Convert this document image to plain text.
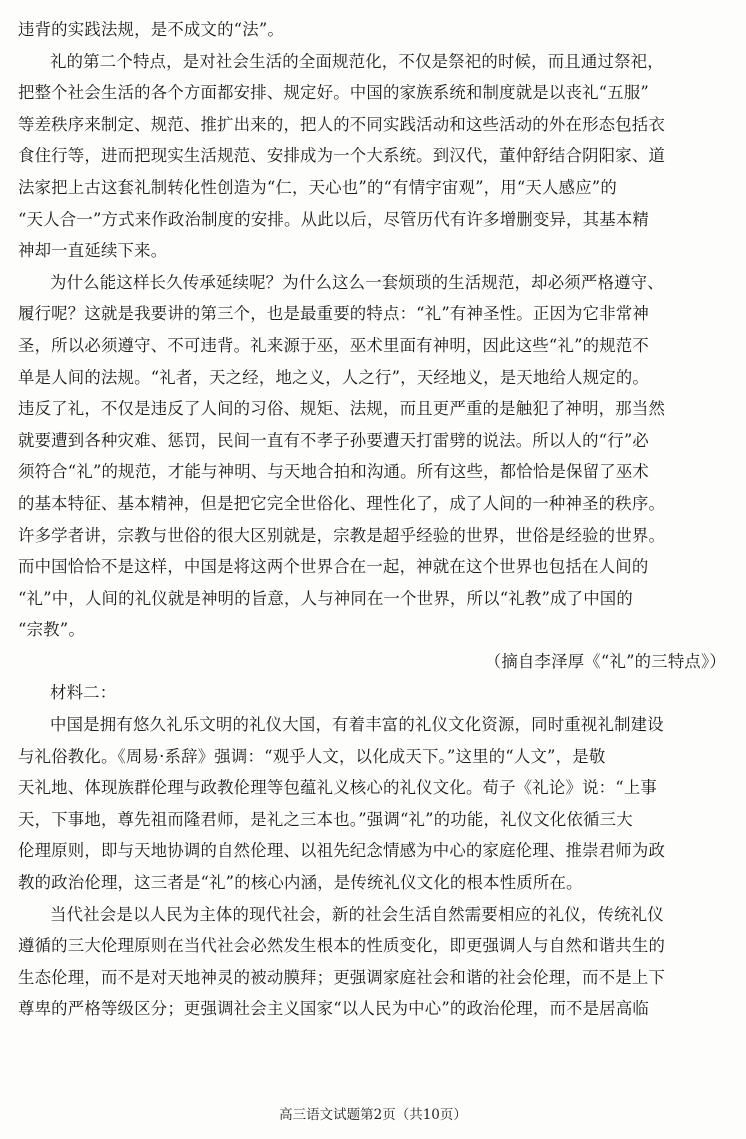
违背的实践法规，是不成文的“法”。
礼的第二个特点，是对社会生活的全面规范化，不仅是祭祀的时候，而且通过祭祀，
把整个社会生活的各个方面都安排、规定好。中国的家族系统和制度就是以丧礼“五服”
等差秩序来制定、规范、推扩出来的，把人的不同实践活动和这些活动的外在形态包括衣
食住行等，进而把现实生活规范、安排成为一个大系统。到汉代，董仲舒结合阴阳家、道
法家把上古这套礼制转化性创造为“仁，天心也”的“有情宇宙观”，用“天人感应”的
“天人合一”方式来作政治制度的安排。从此以后，尽管历代有许多增删变异，其基本精
神却一直延续下来。
为什么能这样长久传承延续呢？为什么这么一套烦琐的生活规范，却必须严格遵守、
履行呢？这就是我要讲的第三个，也是最重要的特点：“礼”有神圣性。正因为它非常神
圣，所以必须遵守、不可违背。礼来源于巫，巫术里面有神明，因此这些“礼”的规范不
单是人间的法规。“礼者，天之经，地之义，人之行”，天经地义，是天地给人规定的。
违反了礼，不仅是违反了人间的习俗、规矩、法规，而且更严重的是触犯了神明，那当然
就要遭到各种灾难、惩罚，民间一直有不孝子孙要遭天打雷劈的说法。所以人的“行”必
须符合“礼”的规范，才能与神明、与天地合拍和沟通。所有这些，都恰恰是保留了巫术
的基本特征、基本精神，但是把它完全世俗化、理性化了，成了人间的一种神圣的秩序。
许多学者讲，宗教与世俗的很大区别就是，宗教是超乎经验的世界，世俗是经验的世界。
而中国恰恰不是这样，中国是将这两个世界合在一起，神就在这个世界也包括在人间的
“礼”中，人间的礼仪就是神明的旨意，人与神同在一个世界，所以“礼教”成了中国的
“宗教”。
（摘自李泽厚《“礼”的三特点》）
材料二：
中国是拥有悠久礼乐文明的礼仪大国，有着丰富的礼仪文化资源，同时重视礼制建设
与礼俗教化。《周易·系辞》强调：“观乎人文，以化成天下。”这里的“人文”，是敬
天礼地、体现族群伦理与政教伦理等包蕴礼义核心的礼仪文化。荀子《礼论》说：“上事
天，下事地，尊先祖而隆君师，是礼之三本也。”强调“礼”的功能，礼仪文化依循三大
伦理原则，即与天地协调的自然伦理、以祖先纪念情感为中心的家庭伦理、推崇君师为政
教的政治伦理，这三者是“礼”的核心内涵，是传统礼仪文化的根本性质所在。
当代社会是以人民为主体的现代社会，新的社会生活自然需要相应的礼仪，传统礼仪
遵循的三大伦理原则在当代社会必然发生根本的性质变化，即更强调人与自然和谐共生的
生态伦理，而不是对天地神灵的被动膜拜；更强调家庭社会和谐的社会伦理，而不是上下
尊卑的严格等级区分；更强调社会主义国家“以人民为中心”的政治伦理，而不是居高临
高三语文试题第2页（共10页）
